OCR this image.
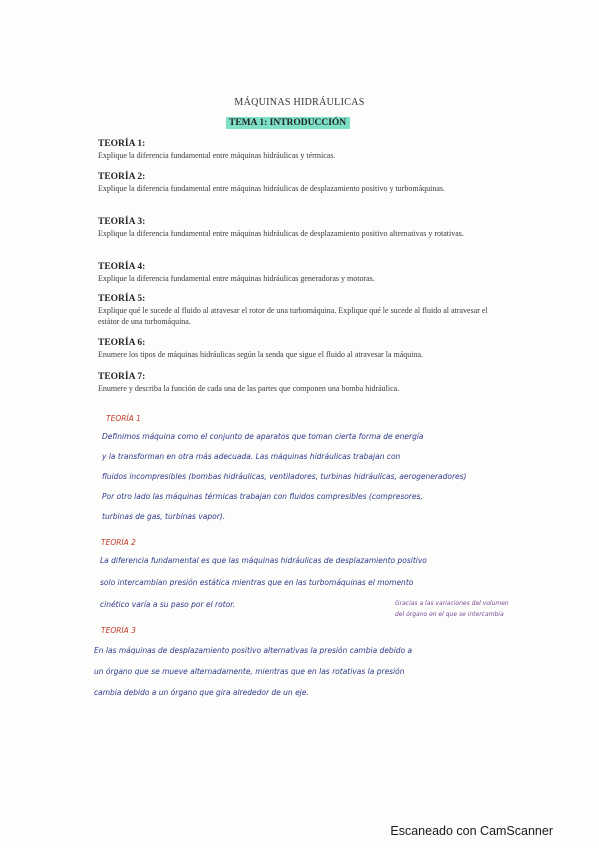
MÁQUINAS HIDRÁULICAS
TEMA 1: INTRODUCCIÓN
TEORÍA 1:

Explique la diferencia fundamental entre máquinas hidráulicas y térmicas.

TEORÍA 2:

Explique la diferencia fundamental entre máquinas hidráulicas de desplazamiento positivo y turbomáquinas.

TEORÍA 3:

Explique la diferencia fundamental entre máquinas hidráulicas de desplazamiento positivo alternativas y rotativas.

TEORÍA 4:

Explique la diferencia fundamental entre máquinas hidráulicas generadoras y motoras.

TEORÍA 5:

Explique qué le sucede al fluido al atravesar el rotor de una turbomáquina. Explique qué le sucede al fluido al atravesar el estátor de una turbomáquina.

TEORÍA 6:

Enumere los tipos de máquinas hidráulicas según la senda que sigue el fluido al atravesar la máquina.

TEORÍA 7:

Enumere y describa la función de cada una de las partes que componen una bomba hidráulica.

TEORÍA 1
Definimos máquina como el conjunto de aparatos que toman cierta forma de energía
y la transforman en otra más adecuada. Las máquinas hidráulicas trabajan con
fluidos incompresibles (bombas hidráulicas, ventiladores, turbinas hidráulicas, aerogeneradores)
Por otro lado las máquinas térmicas trabajan con fluidos compresibles (compresores,
turbinas de gas, turbinas vapor).
TEORÍA 2
La diferencia fundamental es que las máquinas hidráulicas de desplazamiento positivo
solo intercambian presión estática mientras que en las turbomáquinas el momento
cinético varía a su paso por el rotor.	Gracias a las variaciones del volumen
del órgano en el que se intercambia
TEORÍA 3
En las máquinas de desplazamiento positivo alternativas la presión cambia debido a
un órgano que se mueve alternadamente, mientras que en las rotativas la presión
cambia debido a un órgano que gira alrededor de un eje.
Escaneado con CamScanner
